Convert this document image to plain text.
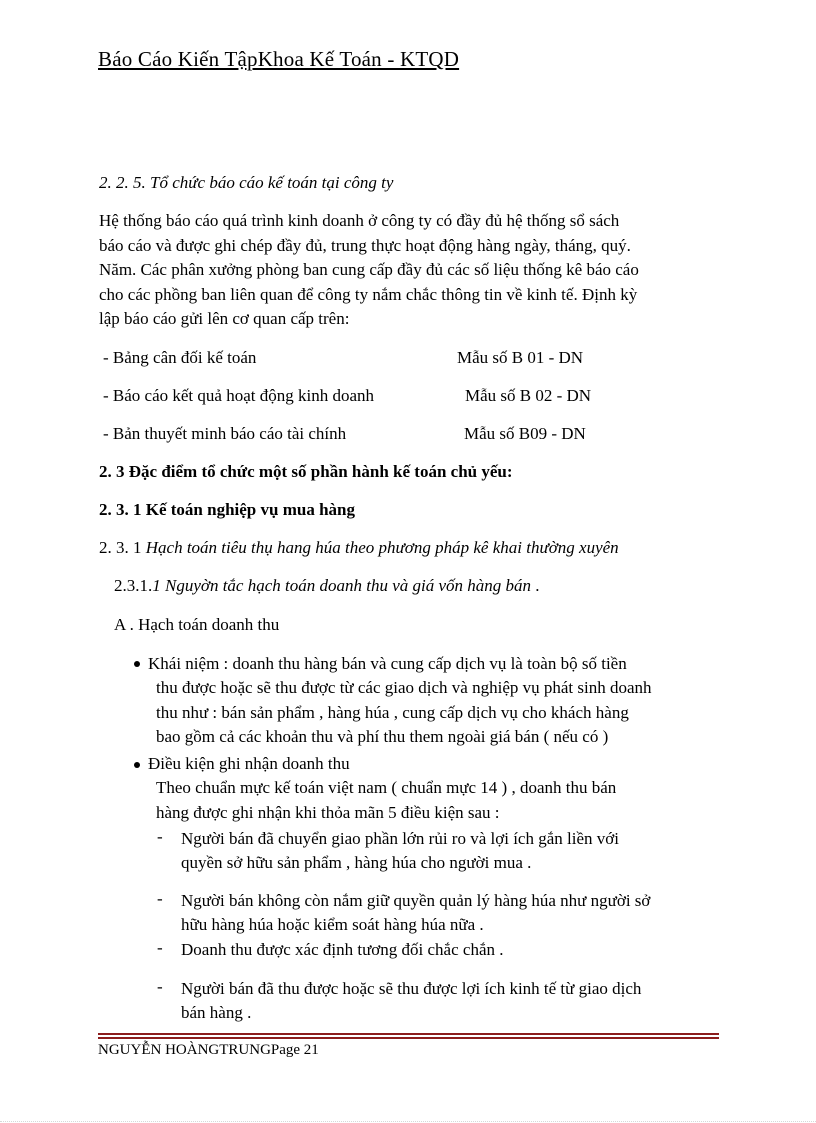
Báo Cáo Kiến TậpKhoa Kế Toán - KTQD
2. 2. 5. Tổ chức báo cáo kế toán tại công ty
Hệ thống báo cáo quá trình kinh doanh ở công ty có đầy đủ hệ thống sổ sách
báo cáo và được ghi chép đầy đủ, trung thực hoạt động hàng ngày, tháng, quý.
Năm. Các phân xưởng phòng ban cung cấp đầy đủ các số liệu thống kê báo cáo
cho các phồng ban liên quan để công ty nắm chắc thông tin về kinh tế. Định kỳ
lập báo cáo gửi lên cơ quan cấp trên:
- Bảng cân đối kế toán	Mẫu số B 01 - DN
- Báo cáo kết quả hoạt động kinh doanh	Mẫu số B 02 - DN
- Bản thuyết minh báo cáo tài chính	Mẫu số B09 - DN
2. 3 Đặc điểm tổ chức một số phần hành kế toán chủ yếu:
2. 3. 1 Kế toán nghiệp vụ mua hàng
2. 3. 1 Hạch toán tiêu thụ hang húa theo phương pháp kê khai thường xuyên
2.3.1.1 Nguyờn tắc hạch toán doanh thu và giá vốn hàng bán .
A . Hạch toán doanh thu
Khái niệm : doanh thu hàng bán và cung cấp dịch vụ là toàn bộ số tiền
thu được hoặc sẽ thu được từ các giao dịch và nghiệp vụ phát sinh doanh
thu như : bán sản phẩm , hàng húa , cung cấp dịch vụ cho khách hàng
bao gồm cả các khoản thu và phí thu them ngoài giá bán ( nếu có )
Điều kiện ghi nhận doanh thu
Theo chuẩn mực kế toán việt nam ( chuẩn mực 14 ) , doanh thu bán
hàng được ghi nhận khi thỏa mãn 5 điều kiện sau :
- Người bán đã chuyển giao phần lớn rủi ro và lợi ích gắn liền với
quyền sở hữu sản phẩm , hàng húa cho người mua .
- Người bán không còn nắm giữ quyền quản lý hàng húa như người sở
hữu hàng húa hoặc kiểm soát hàng húa nữa .
- Doanh thu được xác định tương đối chắc chắn .
- Người bán đã thu được hoặc sẽ thu được lợi ích kinh tế từ giao dịch
bán hàng .
NGUYỄN HOÀNGTRUNGPage 21
